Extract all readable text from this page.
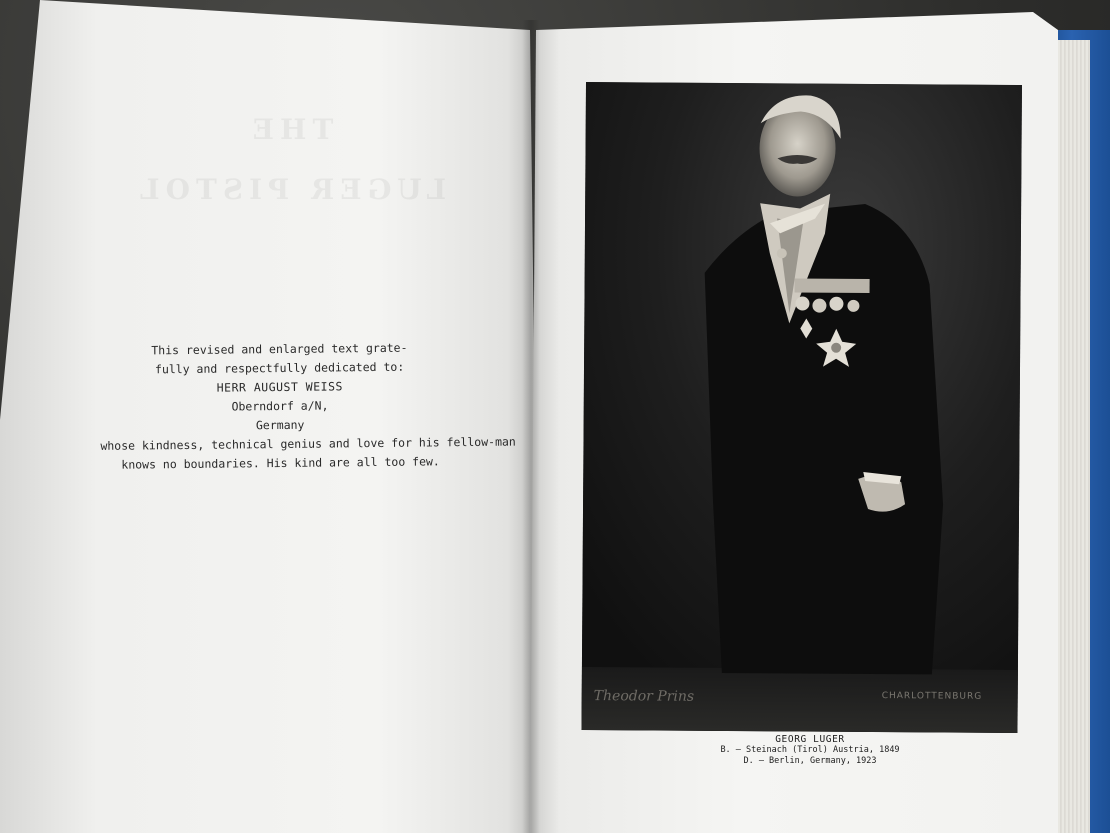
THE
LUGER PISTOL
This revised and enlarged text grate-
fully and respectfully dedicated to:
HERR AUGUST WEISS
Oberndorf a/N,
Germany
whose kindness, technical genius and love for his fellow-man
knows no boundaries. His kind are all too few.
Theodor Prins	CHARLOTTENBURG
GEORG LUGER
B. — Steinach (Tirol) Austria, 1849
D. — Berlin, Germany, 1923
